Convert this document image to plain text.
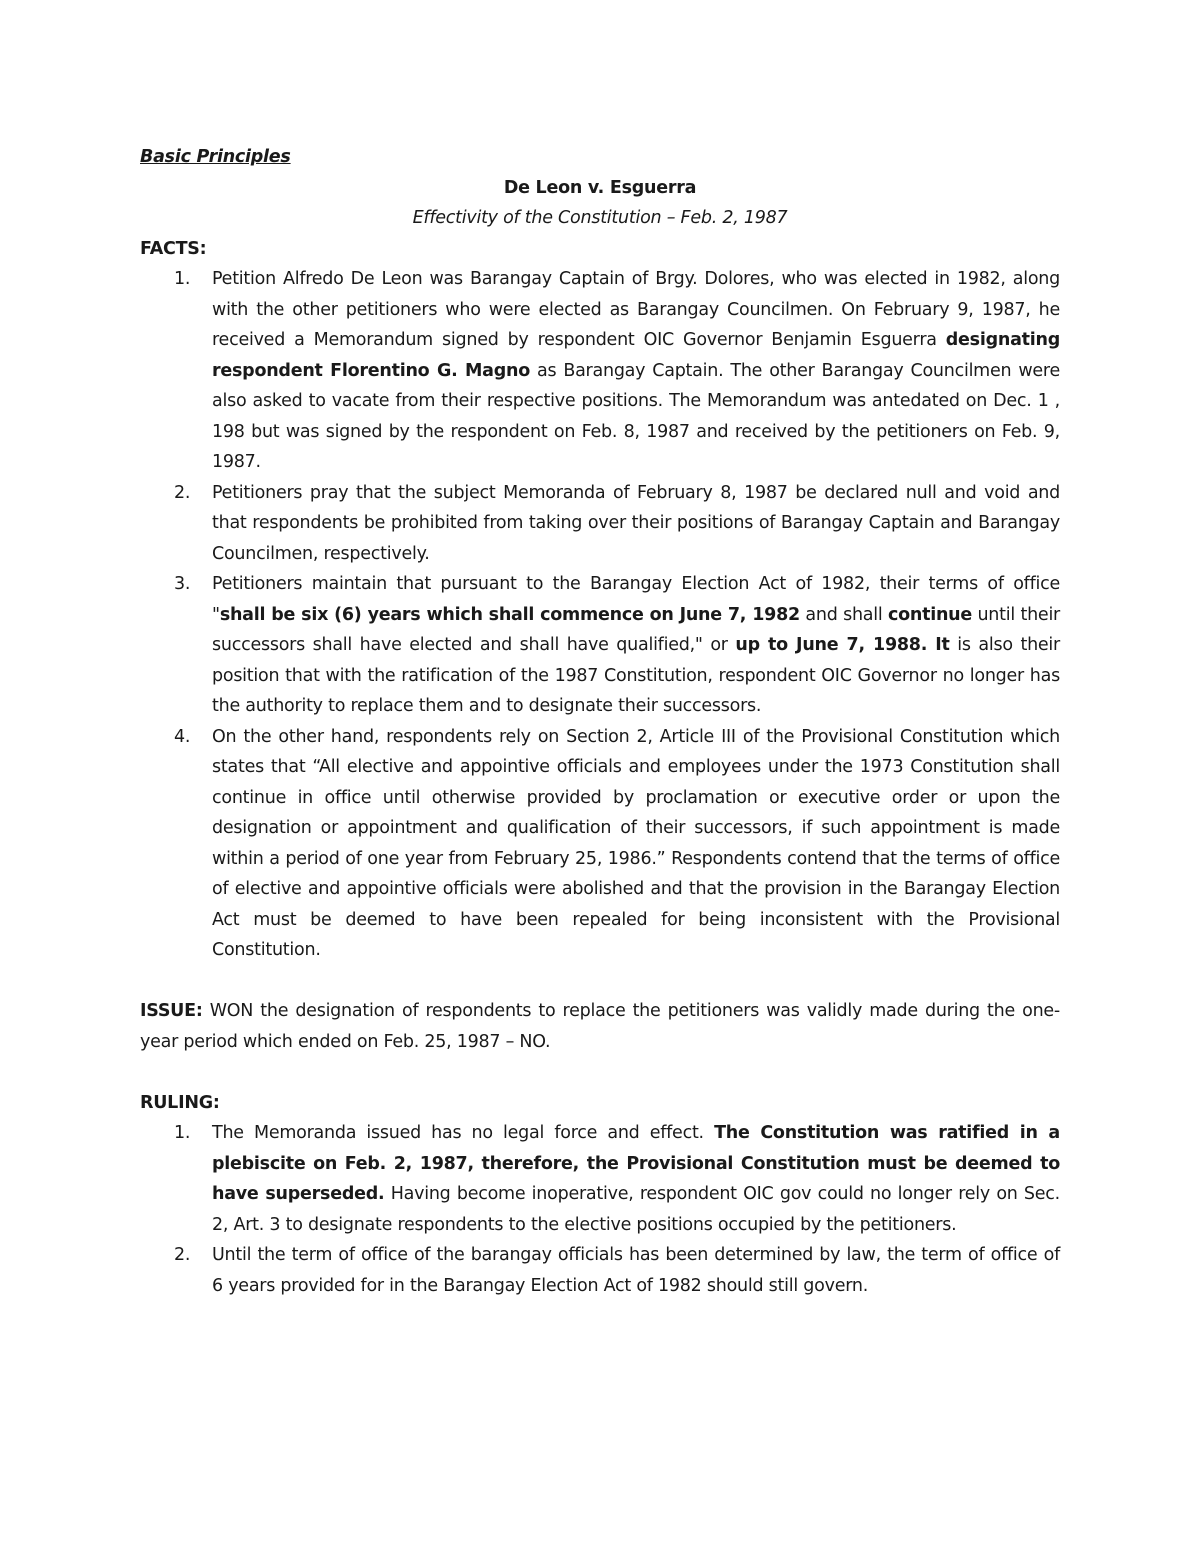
Basic Principles

De Leon v. Esguerra

Effectivity of the Constitution – Feb. 2, 1987

FACTS:

1. Petition Alfredo De Leon was Barangay Captain of Brgy. Dolores, who was elected in 1982, along with the other petitioners who were elected as Barangay Councilmen. On February 9, 1987, he received a Memorandum signed by respondent OIC Governor Benjamin Esguerra designating respondent Florentino G. Magno as Barangay Captain. The other Barangay Councilmen were also asked to vacate from their respective positions. The Memorandum was antedated on Dec. 1 , 198 but was signed by the respondent on Feb. 8, 1987 and received by the petitioners on Feb. 9, 1987.
2. Petitioners pray that the subject Memoranda of February 8, 1987 be declared null and void and that respondents be prohibited from taking over their positions of Barangay Captain and Barangay Councilmen, respectively.
3. Petitioners maintain that pursuant to the Barangay Election Act of 1982, their terms of office "shall be six (6) years which shall commence on June 7, 1982 and shall continue until their successors shall have elected and shall have qualified," or up to June 7, 1988. It is also their position that with the ratification of the 1987 Constitution, respondent OIC Governor no longer has the authority to replace them and to designate their successors.
4. On the other hand, respondents rely on Section 2, Article III of the Provisional Constitution which states that “All elective and appointive officials and employees under the 1973 Constitution shall continue in office until otherwise provided by proclamation or executive order or upon the designation or appointment and qualification of their successors, if such appointment is made within a period of one year from February 25, 1986.” Respondents contend that the terms of office of elective and appointive officials were abolished and that the provision in the Barangay Election Act must be deemed to have been repealed for being inconsistent with the Provisional Constitution.

ISSUE: WON the designation of respondents to replace the petitioners was validly made during the one-year period which ended on Feb. 25, 1987 – NO.

RULING:

1. The Memoranda issued has no legal force and effect. The Constitution was ratified in a plebiscite on Feb. 2, 1987, therefore, the Provisional Constitution must be deemed to have superseded. Having become inoperative, respondent OIC gov could no longer rely on Sec. 2, Art. 3 to designate respondents to the elective positions occupied by the petitioners.
2. Until the term of office of the barangay officials has been determined by law, the term of office of 6 years provided for in the Barangay Election Act of 1982 should still govern.
